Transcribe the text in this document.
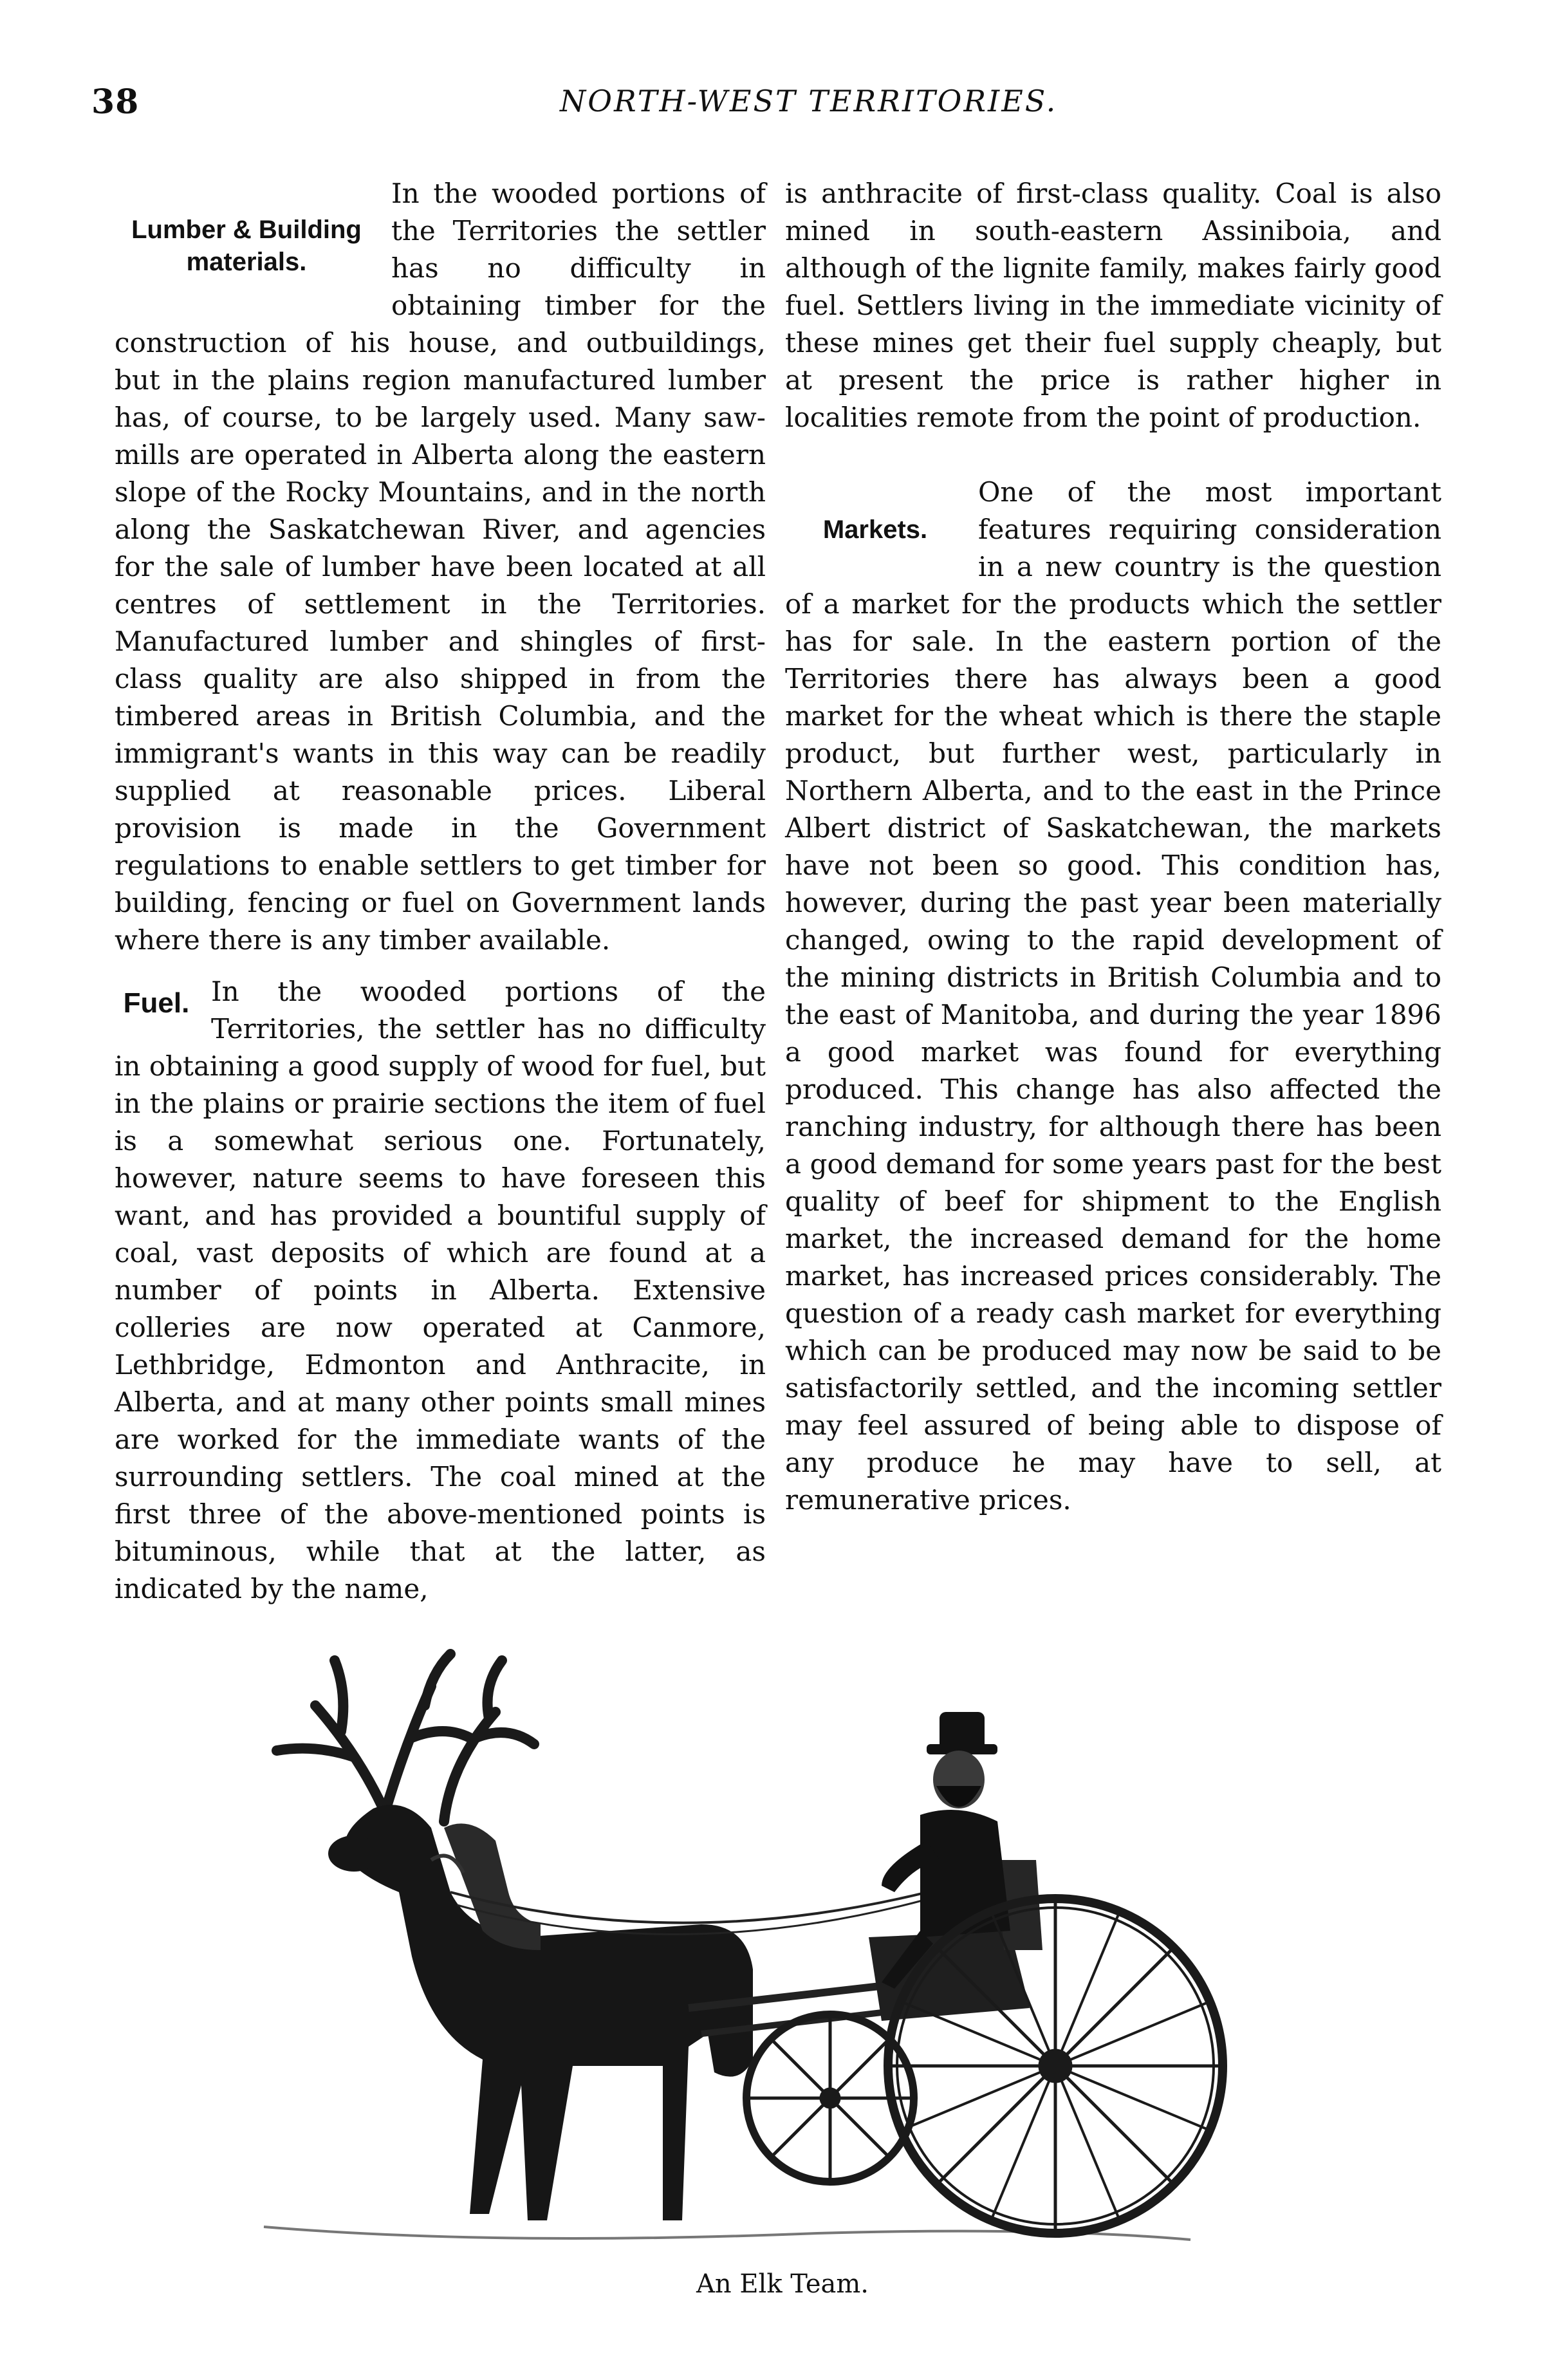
38	NORTH-WEST TERRITORIES.

Lumber & Building materials.
In the wooded portions of the Territories the settler has no difficulty in obtaining timber for the construction of his house, and outbuildings, but in the plains region manufactured lumber has, of course, to be largely used. Many saw-mills are operated in Alberta along the eastern slope of the Rocky Mountains, and in the north along the Saskatchewan River, and agencies for the sale of lumber have been located at all centres of settlement in the Territories. Manufactured lumber and shingles of first-class quality are also shipped in from the timbered areas in British Columbia, and the immigrant's wants in this way can be readily supplied at reasonable prices. Liberal provision is made in the Government regulations to enable settlers to get timber for building, fencing or fuel on Government lands where there is any timber available.

Fuel. In the wooded portions of the Territories, the settler has no difficulty in obtaining a good supply of wood for fuel, but in the plains or prairie sections the item of fuel is a somewhat serious one. Fortunately, however, nature seems to have foreseen this want, and has provided a bountiful supply of coal, vast deposits of which are found at a number of points in Alberta. Extensive colleries are now operated at Canmore, Lethbridge, Edmonton and Anthracite, in Alberta, and at many other points small mines are worked for the immediate wants of the surrounding settlers. The coal mined at the first three of the above-mentioned points is bituminous, while that at the latter, as indicated by the name,

is anthracite of first-class quality. Coal is also mined in south-eastern Assiniboia, and although of the lignite family, makes fairly good fuel. Settlers living in the immediate vicinity of these mines get their fuel supply cheaply, but at present the price is rather higher in localities remote from the point of production.

Markets.
One of the most important features requiring consideration in a new country is the question of a market for the products which the settler has for sale. In the eastern portion of the Territories there has always been a good market for the wheat which is there the staple product, but further west, particularly in Northern Alberta, and to the east in the Prince Albert district of Saskatchewan, the markets have not been so good. This condition has, however, during the past year been materially changed, owing to the rapid development of the mining districts in British Columbia and to the east of Manitoba, and during the year 1896 a good market was found for everything produced. This change has also affected the ranching industry, for although there has been a good demand for some years past for the best quality of beef for shipment to the English market, the increased demand for the home market, has increased prices considerably. The question of a ready cash market for everything which can be produced may now be said to be satisfactorily settled, and the incoming settler may feel assured of being able to dispose of any produce he may have to sell, at remunerative prices.

An Elk Team.
